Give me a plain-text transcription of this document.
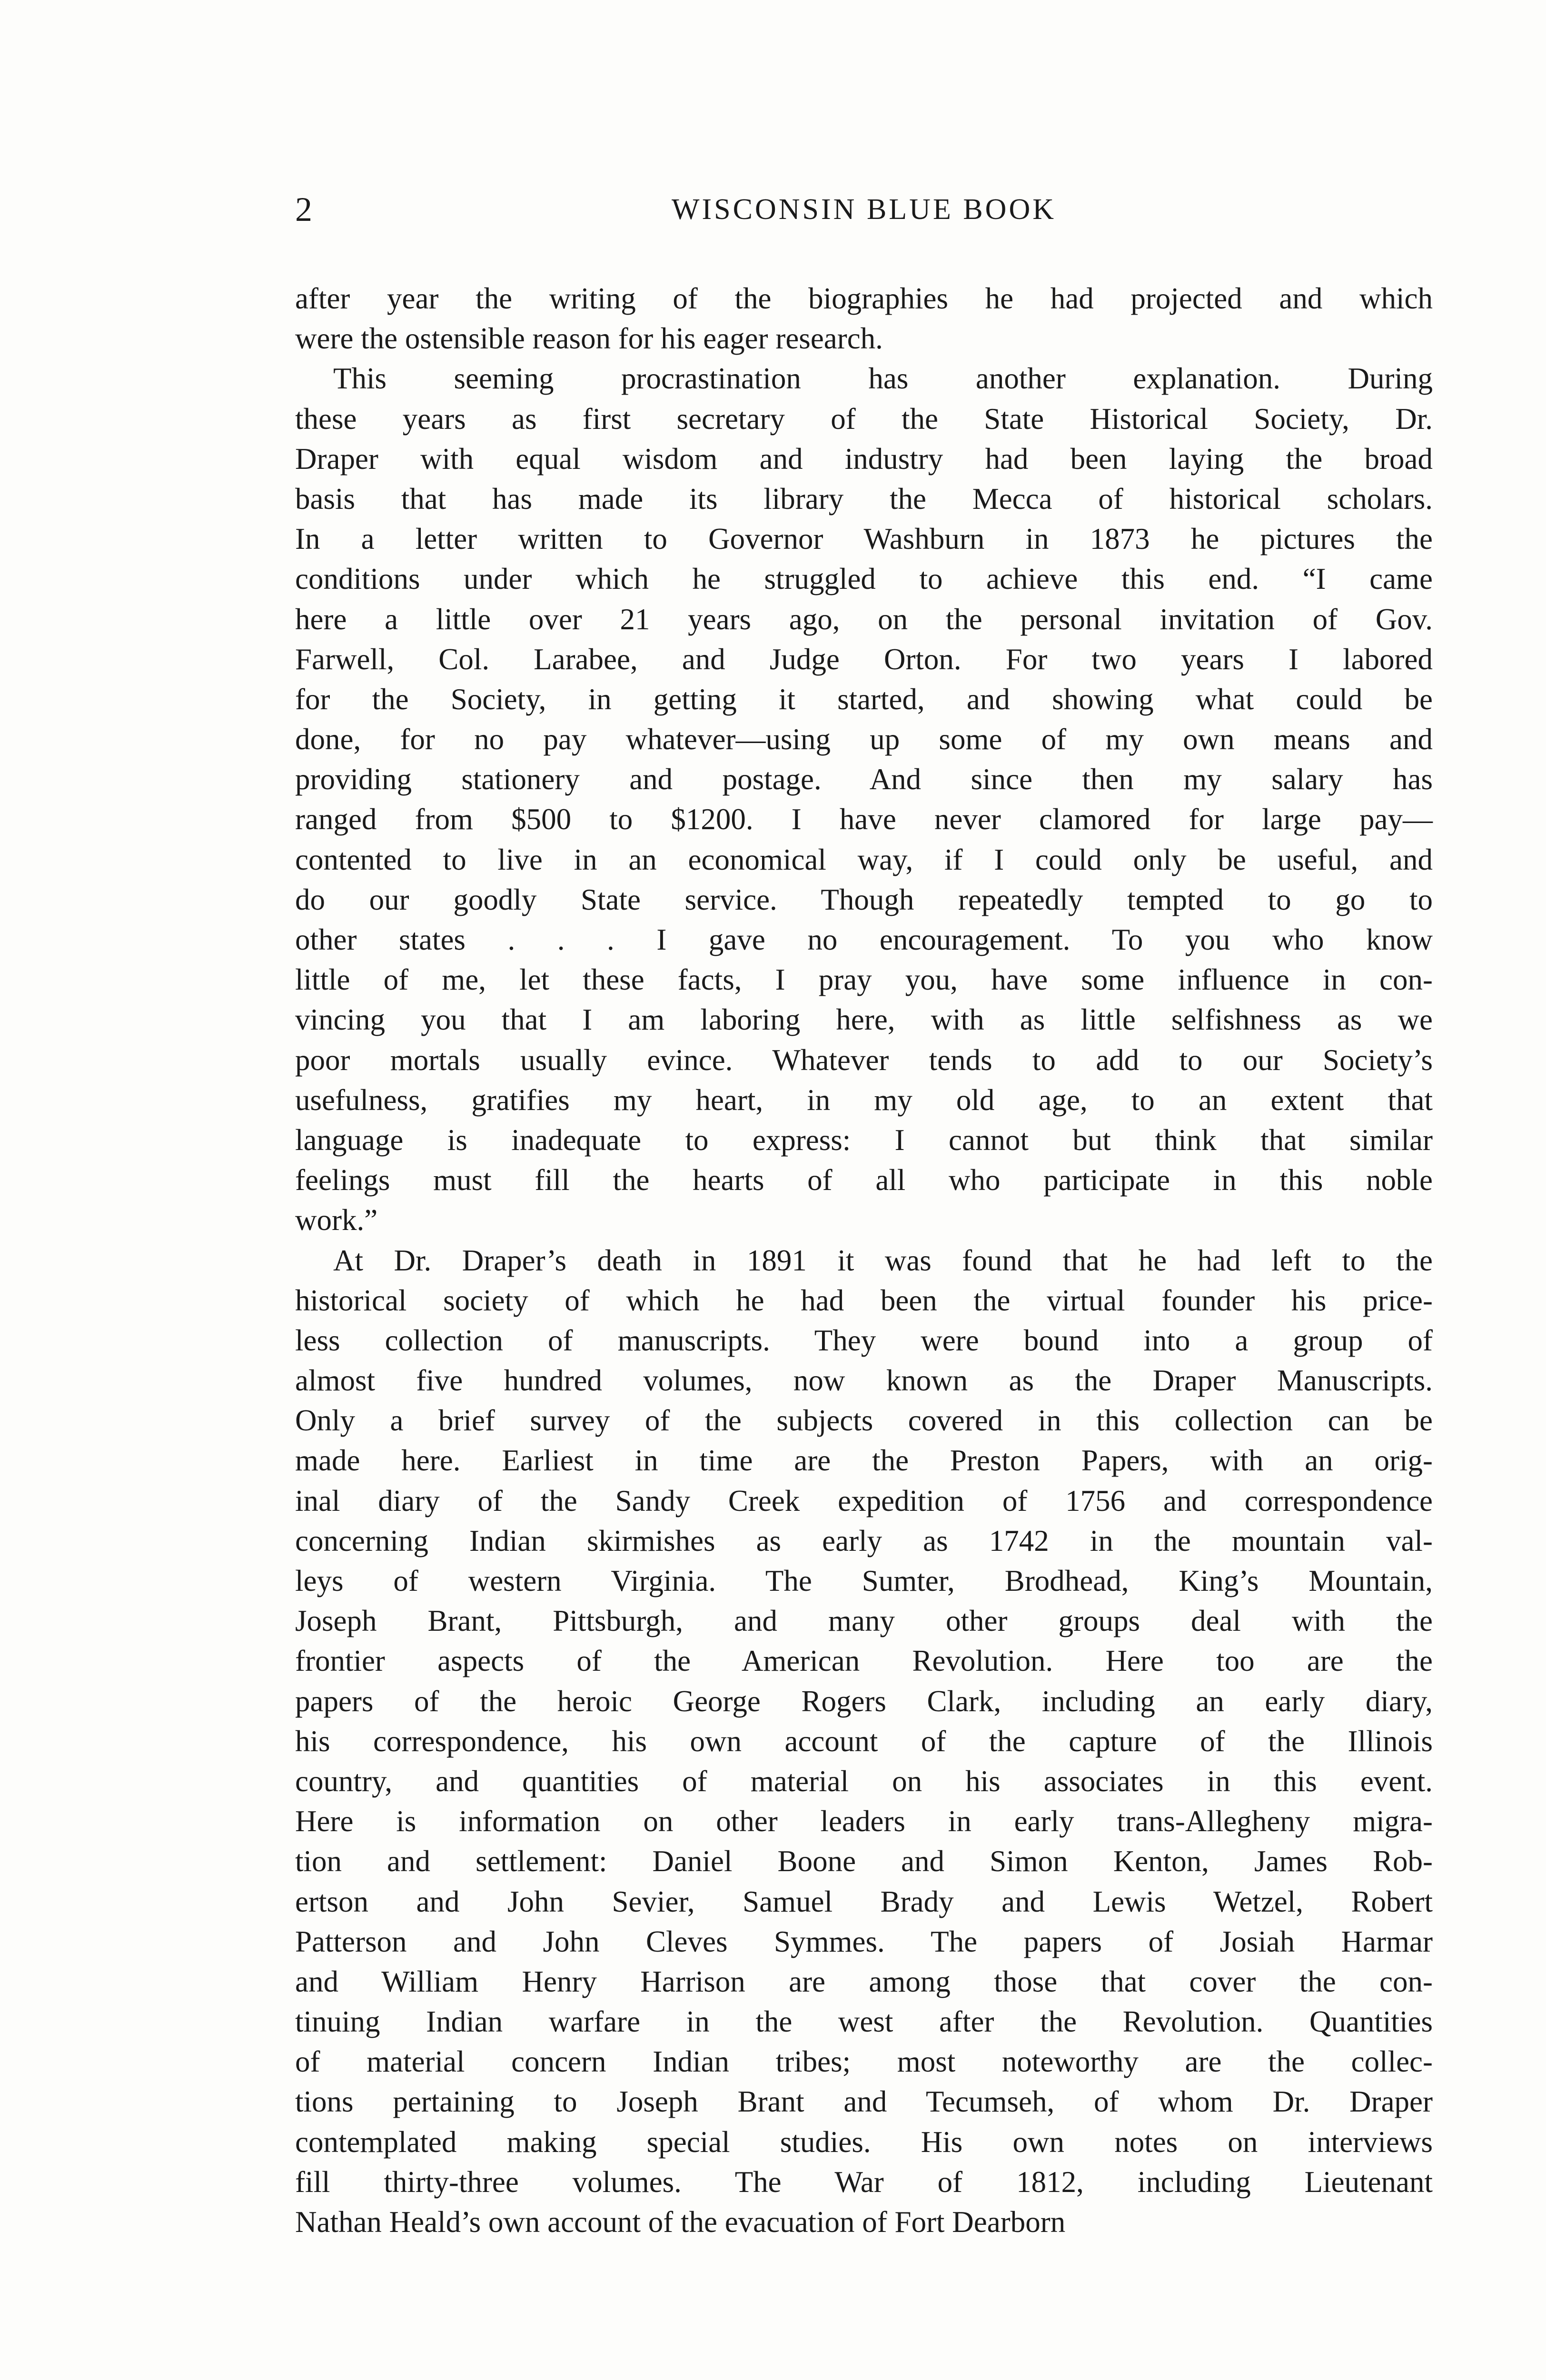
2	WISCONSIN BLUE BOOK
after year the writing of the biographies he had projected and which
were the ostensible reason for his eager research.
This seeming procrastination has another explanation. During
these years as first secretary of the State Historical Society, Dr.
Draper with equal wisdom and industry had been laying the broad
basis that has made its library the Mecca of historical scholars.
In a letter written to Governor Washburn in 1873 he pictures the
conditions under which he struggled to achieve this end. “I came
here a little over 21 years ago, on the personal invitation of Gov.
Farwell, Col. Larabee, and Judge Orton. For two years I labored
for the Society, in getting it started, and showing what could be
done, for no pay whatever—using up some of my own means and
providing stationery and postage. And since then my salary has
ranged from $500 to $1200. I have never clamored for large pay—
contented to live in an economical way, if I could only be useful, and
do our goodly State service. Though repeatedly tempted to go to
other states . . . I gave no encouragement. To you who know
little of me, let these facts, I pray you, have some influence in con-
vincing you that I am laboring here, with as little selfishness as we
poor mortals usually evince. Whatever tends to add to our Society’s
usefulness, gratifies my heart, in my old age, to an extent that
language is inadequate to express: I cannot but think that similar
feelings must fill the hearts of all who participate in this noble
work.”
At Dr. Draper’s death in 1891 it was found that he had left to the
historical society of which he had been the virtual founder his price-
less collection of manuscripts. They were bound into a group of
almost five hundred volumes, now known as the Draper Manuscripts.
Only a brief survey of the subjects covered in this collection can be
made here. Earliest in time are the Preston Papers, with an orig-
inal diary of the Sandy Creek expedition of 1756 and correspondence
concerning Indian skirmishes as early as 1742 in the mountain val-
leys of western Virginia. The Sumter, Brodhead, King’s Mountain,
Joseph Brant, Pittsburgh, and many other groups deal with the
frontier aspects of the American Revolution. Here too are the
papers of the heroic George Rogers Clark, including an early diary,
his correspondence, his own account of the capture of the Illinois
country, and quantities of material on his associates in this event.
Here is information on other leaders in early trans-Allegheny migra-
tion and settlement: Daniel Boone and Simon Kenton, James Rob-
ertson and John Sevier, Samuel Brady and Lewis Wetzel, Robert
Patterson and John Cleves Symmes. The papers of Josiah Harmar
and William Henry Harrison are among those that cover the con-
tinuing Indian warfare in the west after the Revolution. Quantities
of material concern Indian tribes; most noteworthy are the collec-
tions pertaining to Joseph Brant and Tecumseh, of whom Dr. Draper
contemplated making special studies. His own notes on interviews
fill thirty-three volumes. The War of 1812, including Lieutenant
Nathan Heald’s own account of the evacuation of Fort Dearborn
